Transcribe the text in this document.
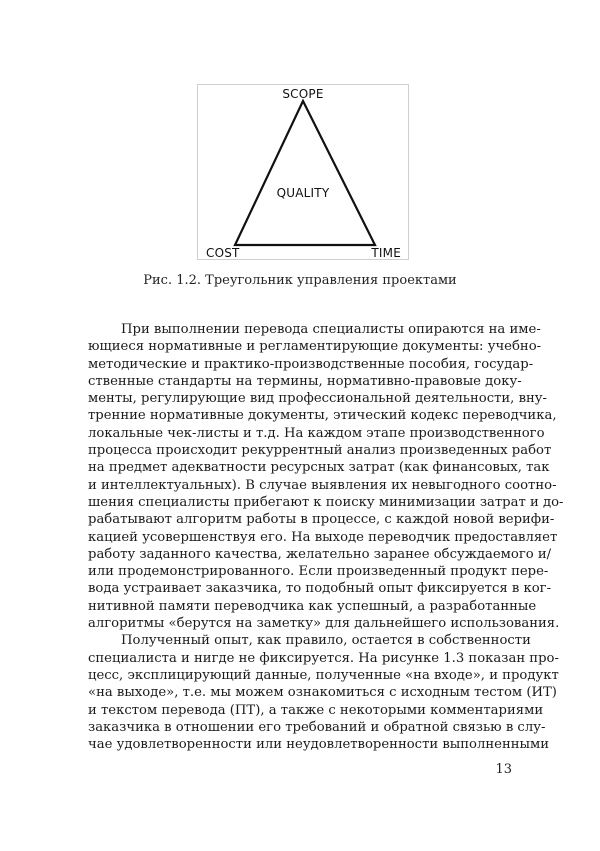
SCOPE
QUALITY
COST	TIME
Рис. 1.2. Треугольник управления проектами
При выполнении перевода специалисты опираются на име-
ющиеся нормативные и регламентирующие документы: учебно-
методические и практико-производственные пособия, государ-
ственные стандарты на термины, нормативно-правовые доку-
менты, регулирующие вид профессиональной деятельности, вну-
тренние нормативные документы, этический кодекс переводчика,
локальные чек-листы и т.д. На каждом этапе производственного
процесса происходит рекуррентный анализ произведенных работ
на предмет адекватности ресурсных затрат (как финансовых, так
и интеллектуальных). В случае выявления их невыгодного соотно-
шения специалисты прибегают к поиску минимизации затрат и до-
рабатывают алгоритм работы в процессе, с каждой новой верифи-
кацией усовершенствуя его. На выходе переводчик предоставляет
работу заданного качества, желательно заранее обсуждаемого и/
или продемонстрированного. Если произведенный продукт пере-
вода устраивает заказчика, то подобный опыт фиксируется в ког-
нитивной памяти переводчика как успешный, а разработанные
алгоритмы «берутся на заметку» для дальнейшего использования.
Полученный опыт, как правило, остается в собственности
специалиста и нигде не фиксируется. На рисунке 1.3 показан про-
цесс, эксплицирующий данные, полученные «на входе», и продукт
«на выходе», т.е. мы можем ознакомиться с исходным тестом (ИТ)
и текстом перевода (ПТ), а также с некоторыми комментариями
заказчика в отношении его требований и обратной связью в слу-
чае удовлетворенности или неудовлетворенности выполненными
13
